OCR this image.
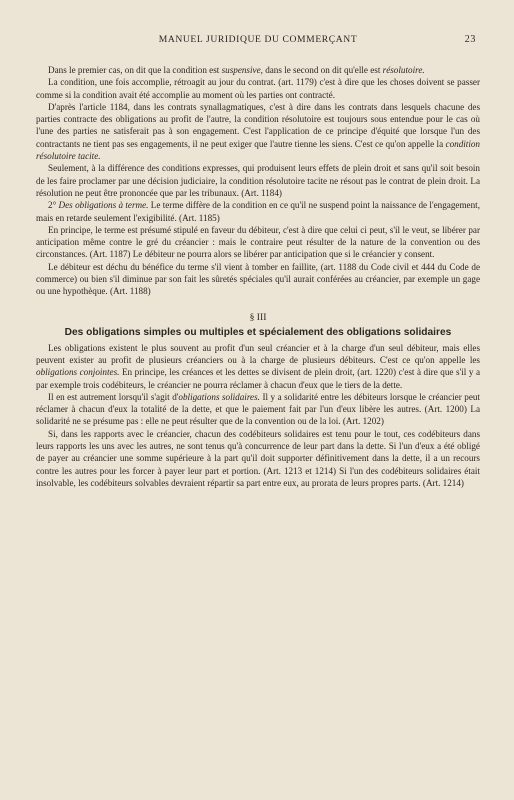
MANUEL JURIDIQUE DU COMMERÇANT	23

Dans le premier cas, on dit que la condition est suspensive, dans le second on dit qu'elle est résolutoire.

La condition, une fois accomplie, rétroagit au jour du contrat. (art. 1179) c'est à dire que les choses doivent se passer comme si la condition avait été accomplie au moment où les parties ont contracté.

D'après l'article 1184, dans les contrats synallagmatiques, c'est à dire dans les contrats dans lesquels chacune des parties contracte des obligations au profit de l'autre, la condition résolutoire est toujours sous entendue pour le cas où l'une des parties ne satisferait pas à son engagement. C'est l'application de ce principe d'équité que lorsque l'un des contractants ne tient pas ses engagements, il ne peut exiger que l'autre tienne les siens. C'est ce qu'on appelle la condition résolutoire tacite.

Seulement, à la différence des conditions expresses, qui produisent leurs effets de plein droit et sans qu'il soit besoin de les faire proclamer par une décision judiciaire, la condition résolutoire tacite ne résout pas le contrat de plein droit. La résolution ne peut être prononcée que par les tribunaux. (Art. 1184)

2° Des obligations à terme. Le terme diffère de la condition en ce qu'il ne suspend point la naissance de l'engagement, mais en retarde seulement l'exigibilité. (Art. 1185)

En principe, le terme est présumé stipulé en faveur du débiteur, c'est à dire que celui ci peut, s'il le veut, se libérer par anticipation même contre le gré du créancier : mais le contraire peut résulter de la nature de la convention ou des circonstances. (Art. 1187) Le débiteur ne pourra alors se libérer par anticipation que si le créancier y consent.

Le débiteur est déchu du bénéfice du terme s'il vient à tomber en faillite, (art. 1188 du Code civil et 444 du Code de commerce) ou bien s'il diminue par son fait les sûretés spéciales qu'il aurait conférées au créancier, par exemple un gage ou une hypothèque. (Art. 1188)

§ III
Des obligations simples ou multiples et spécialement des obligations solidaires

Les obligations existent le plus souvent au profit d'un seul créancier et à la charge d'un seul débiteur, mais elles peuvent exister au profit de plusieurs créanciers ou à la charge de plusieurs débiteurs. C'est ce qu'on appelle les obligations conjointes. En principe, les créances et les dettes se divisent de plein droit, (art. 1220) c'est à dire que s'il y a par exemple trois codébiteurs, le créancier ne pourra réclamer à chacun d'eux que le tiers de la dette.

Il en est autrement lorsqu'il s'agit d'obligations solidaires. Il y a solidarité entre les débiteurs lorsque le créancier peut réclamer à chacun d'eux la totalité de la dette, et que le paiement fait par l'un d'eux libère les autres. (Art. 1200) La solidarité ne se présume pas : elle ne peut résulter que de la convention ou de la loi. (Art. 1202)

Si, dans les rapports avec le créancier, chacun des codébiteurs solidaires est tenu pour le tout, ces codébiteurs dans leurs rapports les uns avec les autres, ne sont tenus qu'à concurrence de leur part dans la dette. Si l'un d'eux a été obligé de payer au créancier une somme supérieure à la part qu'il doit supporter définitivement dans la dette, il a un recours contre les autres pour les forcer à payer leur part et portion. (Art. 1213 et 1214) Si l'un des codébiteurs solidaires était insolvable, les codébiteurs solvables devraient répartir sa part entre eux, au prorata de leurs propres parts. (Art. 1214)
